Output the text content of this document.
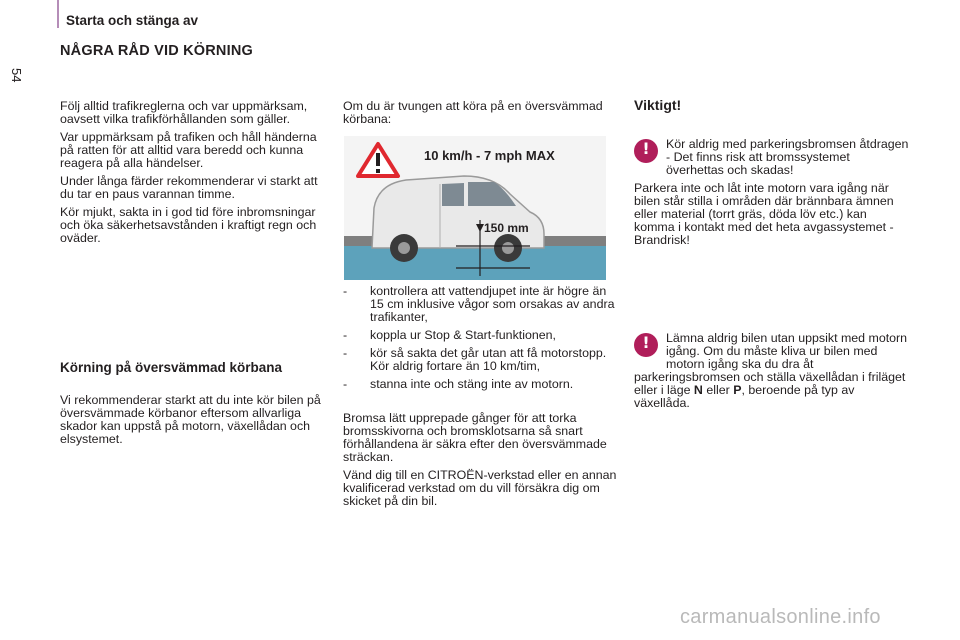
Starta och stänga av
54
NÅGRA RÅD VID KÖRNING

Följ alltid trafikreglerna och var uppmärksam, oavsett vilka trafikförhållanden som gäller.

Var uppmärksam på trafiken och håll händerna på ratten för att alltid vara beredd och kunna reagera på alla händelser.

Under långa färder rekommenderar vi starkt att du tar en paus varannan timme.

Kör mjukt, sakta in i god tid före inbromsningar och öka säkerhetsavstånden i kraftigt regn och oväder.

Körning på översvämmad körbana

Vi rekommenderar starkt att du inte kör bilen på översvämmade körbanor eftersom allvarliga skador kan uppstå på motorn, växellådan och elsystemet.

Om du är tvungen att köra på en översvämmad körbana:

10 km/h - 7 mph MAX
150 mm
- kontrollera att vattendjupet inte är högre än 15 cm inklusive vågor som orsakas av andra trafikanter,
- koppla ur Stop & Start-funktionen,
- kör så sakta det går utan att få motorstopp. Kör aldrig fortare än 10 km/tim,
- stanna inte och stäng inte av motorn.

Bromsa lätt upprepade gånger för att torka bromsskivorna och bromsklotsarna så snart förhållandena är säkra efter den översvämmade sträckan.

Vänd dig till en CITROËN-verkstad eller en annan kvalificerad verkstad om du vill försäkra dig om skicket på din bil.

Viktigt!
!	Kör aldrig med parkeringsbromsen åtdragen - Det finns risk att bromssystemet överhettas och skadas!

Parkera inte och låt inte motorn vara igång när bilen står stilla i områden där brännbara ämnen eller material (torrt gräs, döda löv etc.) kan komma i kontakt med det heta avgassystemet - Brandrisk!

!	Lämna aldrig bilen utan uppsikt med motorn igång. Om du måste kliva ur bilen med motorn igång ska du dra åt parkeringsbromsen och ställa växellådan i friläget eller i läge N eller P, beroende på typ av växellåda.

carmanualsonline.info
